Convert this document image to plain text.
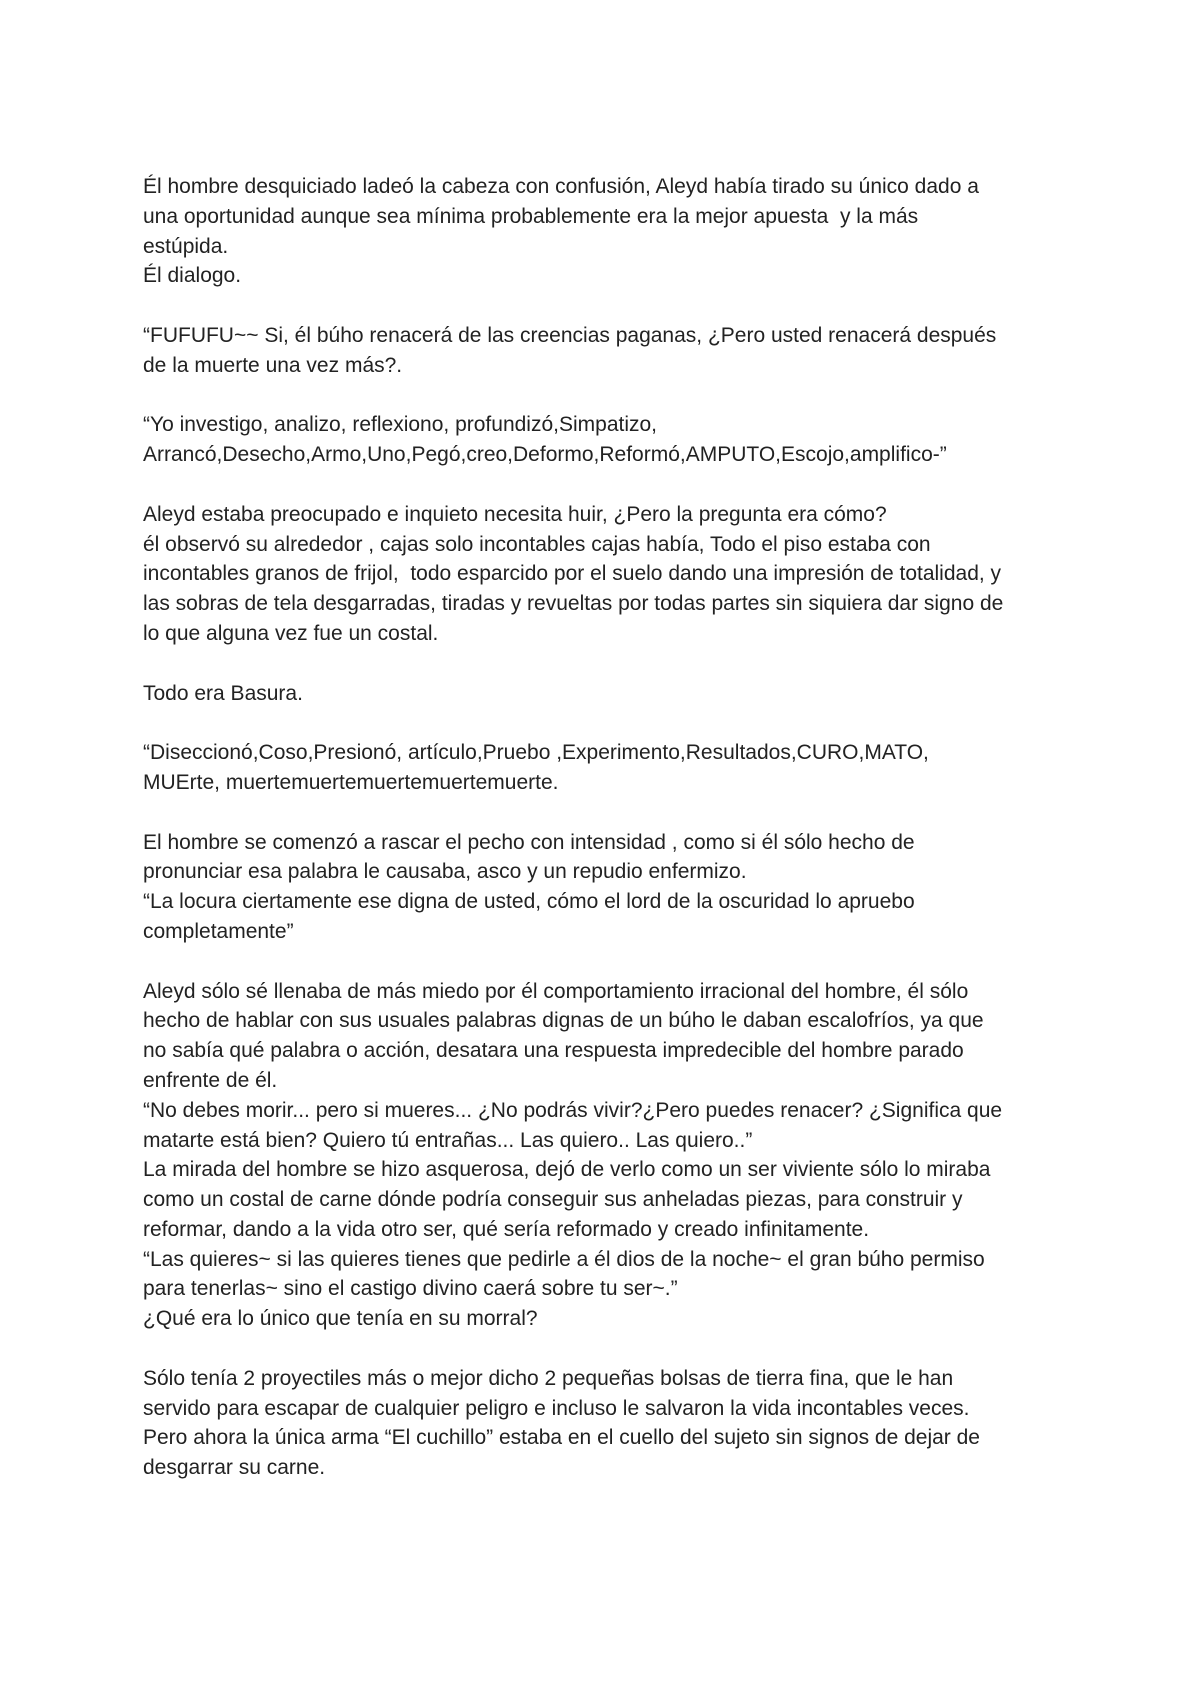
Él hombre desquiciado ladeó la cabeza con confusión, Aleyd había tirado su único dado a
una oportunidad aunque sea mínima probablemente era la mejor apuesta  y la más
estúpida.
Él dialogo.
“FUFUFU~~ Si, él búho renacerá de las creencias paganas, ¿Pero usted renacerá después
de la muerte una vez más?.
“Yo investigo, analizo, reflexiono, profundizó,Simpatizo,
Arrancó,Desecho,Armo,Uno,Pegó,creo,Deformo,Reformó,AMPUTO,Escojo,amplifico-”
Aleyd estaba preocupado e inquieto necesita huir, ¿Pero la pregunta era cómo?
él observó su alrededor , cajas solo incontables cajas había, Todo el piso estaba con
incontables granos de frijol,  todo esparcido por el suelo dando una impresión de totalidad, y
las sobras de tela desgarradas, tiradas y revueltas por todas partes sin siquiera dar signo de
lo que alguna vez fue un costal.
Todo era Basura.
“Diseccionó,Coso,Presionó, artículo,Pruebo ,Experimento,Resultados,CURO,MATO,
MUErte, muertemuertemuertemuertemuerte.
El hombre se comenzó a rascar el pecho con intensidad , como si él sólo hecho de
pronunciar esa palabra le causaba, asco y un repudio enfermizo.
“La locura ciertamente ese digna de usted, cómo el lord de la oscuridad lo apruebo
completamente”
Aleyd sólo sé llenaba de más miedo por él comportamiento irracional del hombre, él sólo
hecho de hablar con sus usuales palabras dignas de un búho le daban escalofríos, ya que
no sabía qué palabra o acción, desatara una respuesta impredecible del hombre parado
enfrente de él.
“No debes morir... pero si mueres... ¿No podrás vivir?¿Pero puedes renacer? ¿Significa que
matarte está bien? Quiero tú entrañas... Las quiero.. Las quiero..”
La mirada del hombre se hizo asquerosa, dejó de verlo como un ser viviente sólo lo miraba
como un costal de carne dónde podría conseguir sus anheladas piezas, para construir y
reformar, dando a la vida otro ser, qué sería reformado y creado infinitamente.
“Las quieres~ si las quieres tienes que pedirle a él dios de la noche~ el gran búho permiso
para tenerlas~ sino el castigo divino caerá sobre tu ser~.”
¿Qué era lo único que tenía en su morral?
Sólo tenía 2 proyectiles más o mejor dicho 2 pequeñas bolsas de tierra fina, que le han
servido para escapar de cualquier peligro e incluso le salvaron la vida incontables veces.
Pero ahora la única arma “El cuchillo” estaba en el cuello del sujeto sin signos de dejar de
desgarrar su carne.
